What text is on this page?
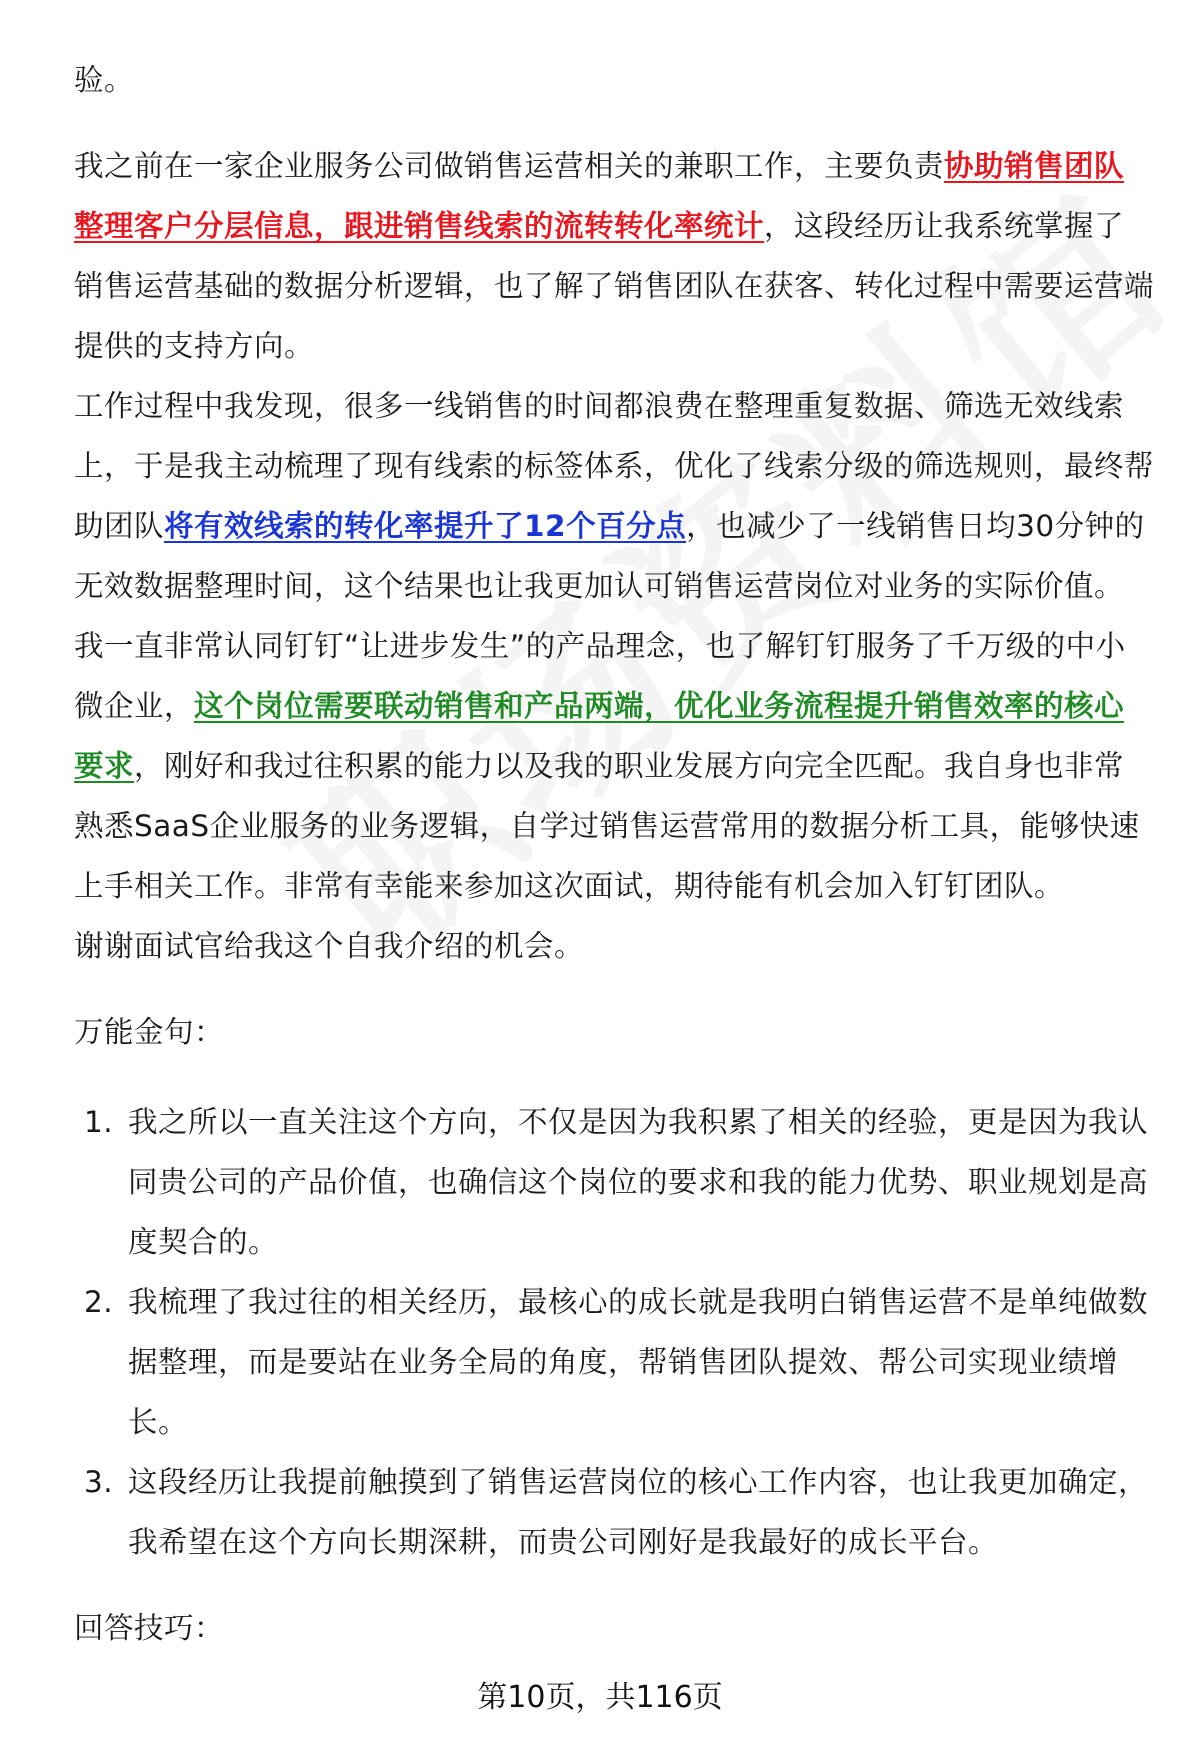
验。

我之前在一家企业服务公司做销售运营相关的兼职工作，主要负责协助销售团队整理客户分层信息，跟进销售线索的流转转化率统计，这段经历让我系统掌握了销售运营基础的数据分析逻辑，也了解了销售团队在获客、转化过程中需要运营端提供的支持方向。

工作过程中我发现，很多一线销售的时间都浪费在整理重复数据、筛选无效线索上，于是我主动梳理了现有线索的标签体系，优化了线索分级的筛选规则，最终帮助团队将有效线索的转化率提升了12个百分点，也减少了一线销售日均30分钟的无效数据整理时间，这个结果也让我更加认可销售运营岗位对业务的实际价值。

我一直非常认同钉钉“让进步发生”的产品理念，也了解钉钉服务了千万级的中小微企业，这个岗位需要联动销售和产品两端，优化业务流程提升销售效率的核心要求，刚好和我过往积累的能力以及我的职业发展方向完全匹配。我自身也非常熟悉SaaS企业服务的业务逻辑，自学过销售运营常用的数据分析工具，能够快速上手相关工作。非常有幸能来参加这次面试，期待能有机会加入钉钉团队。

谢谢面试官给我这个自我介绍的机会。

万能金句：

1. 我之所以一直关注这个方向，不仅是因为我积累了相关的经验，更是因为我认同贵公司的产品价值，也确信这个岗位的要求和我的能力优势、职业规划是高度契合的。
2. 我梳理了我过往的相关经历，最核心的成长就是我明白销售运营不是单纯做数据整理，而是要站在业务全局的角度，帮销售团队提效、帮公司实现业绩增长。
3. 这段经历让我提前触摸到了销售运营岗位的核心工作内容，也让我更加确定，我希望在这个方向长期深耕，而贵公司刚好是我最好的成长平台。

回答技巧：

第10页，共116页
